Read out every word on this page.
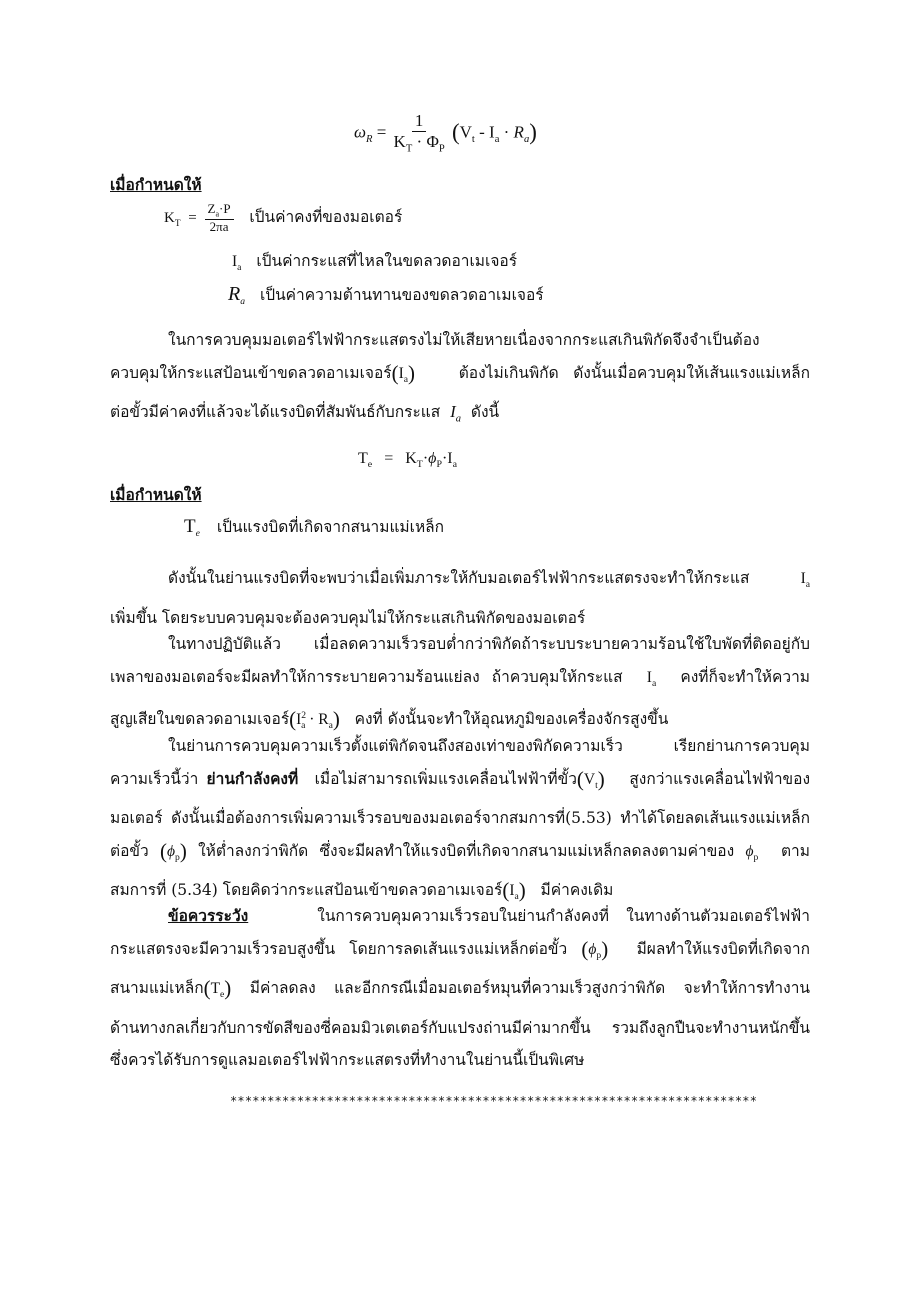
$\omega_R = \frac{1}{K_T \cdot \Phi_P} (V_t - I_a \cdot R_a)$
เมื่อกำหนดให้
$K_T = \frac{Z_a\cdot P}{2\pi a}$ เป็นค่าคงที่ของมอเตอร์
$I_a$ เป็นค่ากระแสที่ไหลในขดลวดอาเมเจอร์
$R_a$ เป็นค่าความต้านทานของขดลวดอาเมเจอร์
ในการควบคุมมอเตอร์ไฟฟ้ากระแสตรงไม่ให้เสียหายเนื่องจากกระแสเกินพิกัดจึงจำเป็นต้อง
ควบคุมให้กระแสป้อนเข้าขดลวดอาเมเจอร์$(I_a)$	ต้องไม่เกินพิกัด ดังนั้นเมื่อควบคุมให้เส้นแรงแม่เหล็ก
ต่อขั้วมีค่าคงที่แล้วจะได้แรงบิดที่สัมพันธ์กับกระแส $I_a$ ดังนี้
$T_e = K_T\cdot\phi_P\cdot I_a$
เมื่อกำหนดให้
$T_e$ เป็นแรงบิดที่เกิดจากสนามแม่เหล็ก
ดังนั้นในย่านแรงบิดที่จะพบว่าเมื่อเพิ่มภาระให้กับมอเตอร์ไฟฟ้ากระแสตรงจะทำให้กระแส	$I_a$
เพิ่มขึ้น โดยระบบควบคุมจะต้องควบคุมไม่ให้กระแสเกินพิกัดของมอเตอร์
ในทางปฏิบัติแล้ว เมื่อลดความเร็วรอบต่ำกว่าพิกัดถ้าระบบระบายความร้อนใช้ใบพัดที่ติดอยู่กับ
เพลาของมอเตอร์จะมีผลทำให้การระบายความร้อนแย่ลง ถ้าควบคุมให้กระแส $I_a$ คงที่ก็จะทำให้ความ
สูญเสียในขดลวดอาเมเจอร์$(I^2_a \cdot R_a)$ คงที่ ดังนั้นจะทำให้อุณหภูมิของเครื่องจักรสูงขึ้น
ในย่านการควบคุมความเร็วตั้งแต่พิกัดจนถึงสองเท่าของพิกัดความเร็ว เรียกย่านการควบคุม
ความเร็วนี้ว่า ย่านกำลังคงที่ เมื่อไม่สามารถเพิ่มแรงเคลื่อนไฟฟ้าที่ขั้ว$(V_t)$ สูงกว่าแรงเคลื่อนไฟฟ้าของ
มอเตอร์ ดังนั้นเมื่อต้องการเพิ่มความเร็วรอบของมอเตอร์จากสมการที่(5.53) ทำได้โดยลดเส้นแรงแม่เหล็ก
ต่อขั้ว $(\phi_p)$ ให้ต่ำลงกว่าพิกัด ซึ่งจะมีผลทำให้แรงบิดที่เกิดจากสนามแม่เหล็กลดลงตามค่าของ $\phi_p$ ตาม
สมการที่ (5.34) โดยคิดว่ากระแสป้อนเข้าขดลวดอาเมเจอร์$(I_a)$ มีค่าคงเดิม
ข้อควรระวัง	ในการควบคุมความเร็วรอบในย่านกำลังคงที่ ในทางด้านตัวมอเตอร์ไฟฟ้า
กระแสตรงจะมีความเร็วรอบสูงขึ้น โดยการลดเส้นแรงแม่เหล็กต่อขั้ว $(\phi_p)$ มีผลทำให้แรงบิดที่เกิดจาก
สนามแม่เหล็ก$(T_e)$ มีค่าลดลง และอีกกรณีเมื่อมอเตอร์หมุนที่ความเร็วสูงกว่าพิกัด จะทำให้การทำงาน
ด้านทางกลเกี่ยวกับการขัดสีของซี่คอมมิวเตเตอร์กับแปรงถ่านมีค่ามากขึ้น รวมถึงลูกปืนจะทำงานหนักขึ้น
ซึ่งควรได้รับการดูแลมอเตอร์ไฟฟ้ากระแสตรงที่ทำงานในย่านนี้เป็นพิเศษ
***********************************************************************
